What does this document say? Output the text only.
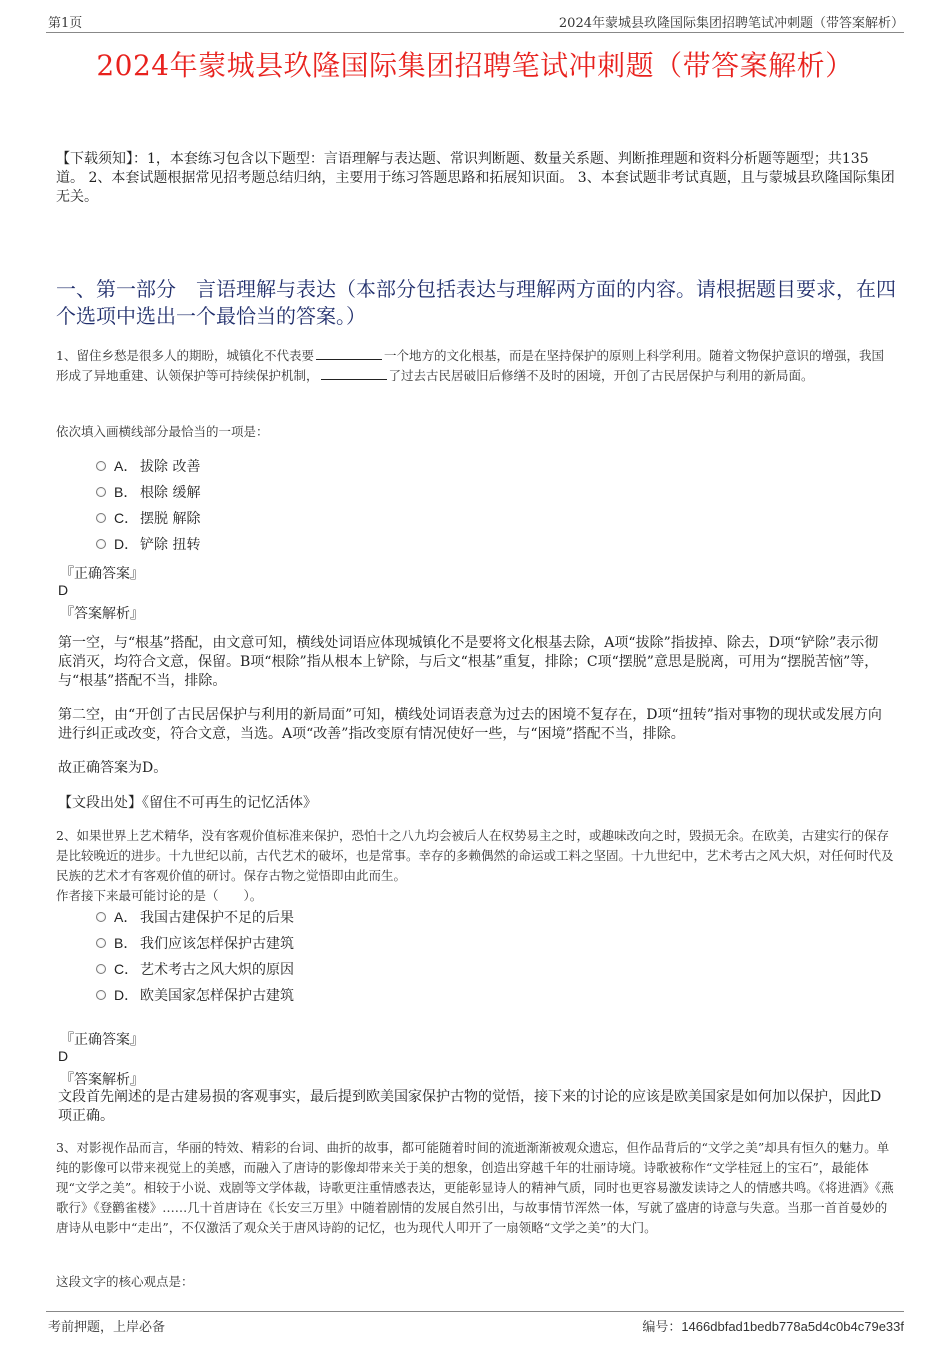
第1页	2024年蒙城县玖隆国际集团招聘笔试冲刺题（带答案解析）
2024年蒙城县玖隆国际集团招聘笔试冲刺题（带答案解析）
【下载须知】：1，本套练习包含以下题型：言语理解与表达题、常识判断题、数量关系题、判断推理题和资料分析题等题型；共135道。 2、本套试题根据常见招考题总结归纳，主要用于练习答题思路和拓展知识面。 3、本套试题非考试真题，且与蒙城县玖隆国际集团无关。
一、第一部分　言语理解与表达（本部分包括表达与理解两方面的内容。请根据题目要求，在四个选项中选出一个最恰当的答案。）
1、留住乡愁是很多人的期盼，城镇化不代表要	一个地方的文化根基，而是在坚持保护的原则上科学利用。随着文物保护意识的增强，我国形成了异地重建、认领保护等可持续保护机制，	了过去古民居破旧后修缮不及时的困境，开创了古民居保护与利用的新局面。
依次填入画横线部分最恰当的一项是：
A． 拔除 改善
B． 根除 缓解
C． 摆脱 解除
D． 铲除 扭转
『正确答案』
D
『答案解析』
第一空，与“根基”搭配，由文意可知，横线处词语应体现城镇化不是要将文化根基去除，A项“拔除”指拔掉、除去，D项“铲除”表示彻底消灭，均符合文意，保留。B项“根除”指从根本上铲除，与后文“根基”重复，排除；C项“摆脱”意思是脱离，可用为“摆脱苦恼”等，与“根基”搭配不当，排除。
第二空，由“开创了古民居保护与利用的新局面”可知，横线处词语表意为过去的困境不复存在，D项“扭转”指对事物的现状或发展方向进行纠正或改变，符合文意，当选。A项“改善”指改变原有情况使好一些，与“困境”搭配不当，排除。
故正确答案为D。
【文段出处】《留住不可再生的记忆活体》
2、如果世界上艺术精华，没有客观价值标准来保护，恐怕十之八九均会被后人在权势易主之时，或趣味改向之时，毁损无余。在欧美，古建实行的保存是比较晚近的进步。十九世纪以前，古代艺术的破坏，也是常事。幸存的多赖偶然的命运或工料之坚固。十九世纪中，艺术考古之风大炽，对任何时代及民族的艺术才有客观价值的研讨。保存古物之觉悟即由此而生。
作者接下来最可能讨论的是（　　）。
A． 我国古建保护不足的后果
B． 我们应该怎样保护古建筑
C． 艺术考古之风大炽的原因
D． 欧美国家怎样保护古建筑
『正确答案』
D
『答案解析』
文段首先阐述的是古建易损的客观事实，最后提到欧美国家保护古物的觉悟，接下来的讨论的应该是欧美国家是如何加以保护，因此D项正确。
3、对影视作品而言，华丽的特效、精彩的台词、曲折的故事，都可能随着时间的流逝渐渐被观众遗忘，但作品背后的“文学之美”却具有恒久的魅力。单纯的影像可以带来视觉上的美感，而融入了唐诗的影像却带来关于美的想象，创造出穿越千年的壮丽诗境。诗歌被称作“文学桂冠上的宝石”，最能体现“文学之美”。相较于小说、戏剧等文学体裁，诗歌更注重情感表达，更能彰显诗人的精神气质，同时也更容易激发读诗之人的情感共鸣。《将进酒》《燕歌行》《登鹳雀楼》……几十首唐诗在《长安三万里》中随着剧情的发展自然引出，与故事情节浑然一体，写就了盛唐的诗意与失意。当那一首首曼妙的唐诗从电影中“走出”，不仅激活了观众关于唐风诗韵的记忆，也为现代人叩开了一扇领略“文学之美”的大门。
这段文字的核心观点是：
考前押题，上岸必备	编号：1466dbfad1bedb778a5d4c0b4c79e33f
